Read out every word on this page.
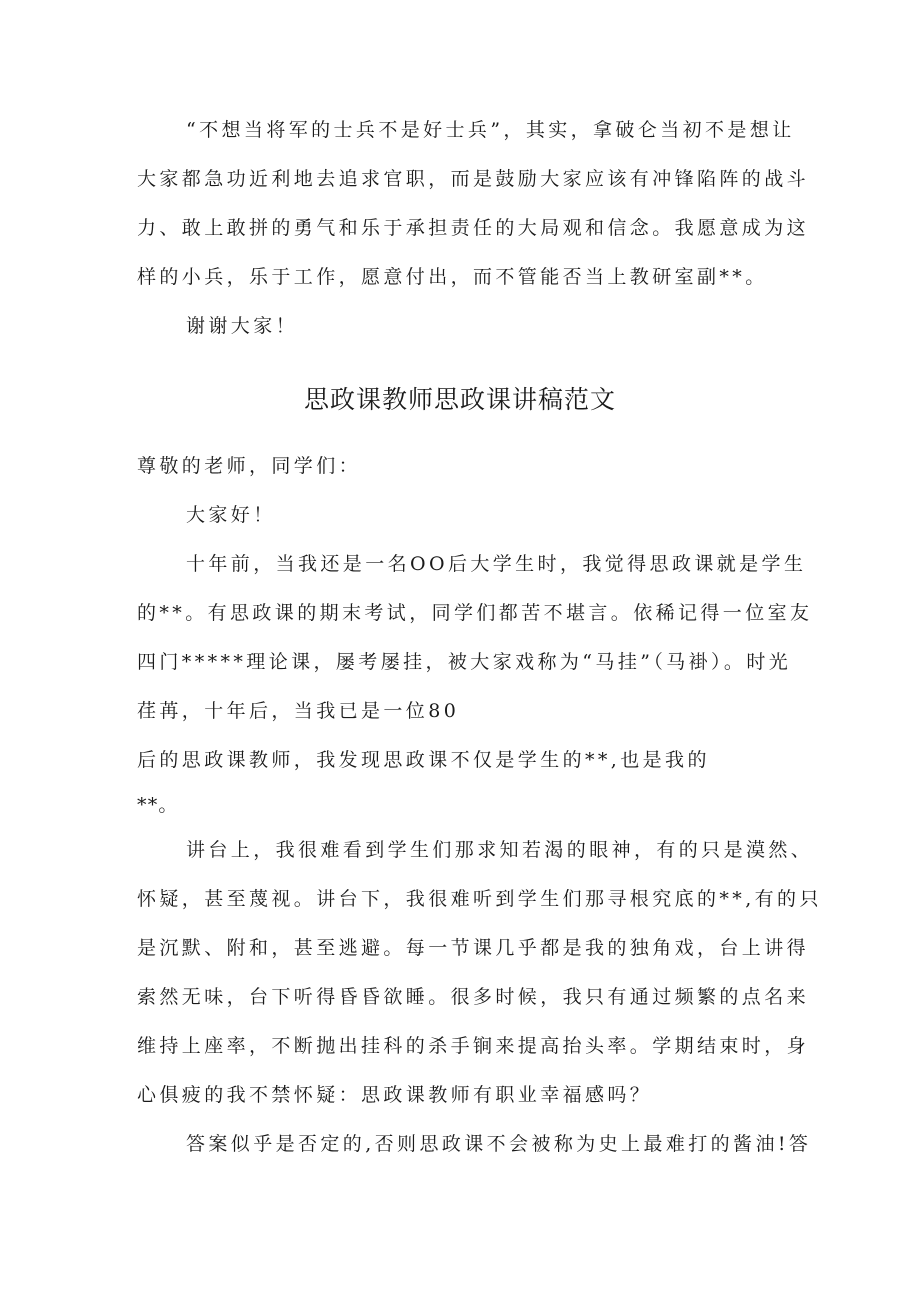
“不想当将军的士兵不是好士兵”，其实，拿破仑当初不是想让
大家都急功近利地去追求官职，而是鼓励大家应该有冲锋陷阵的战斗
力、敢上敢拼的勇气和乐于承担责任的大局观和信念。我愿意成为这
样的小兵，乐于工作，愿意付出，而不管能否当上教研室副**。
谢谢大家！
思政课教师思政课讲稿范文
尊敬的老师，同学们：
大家好！
十年前，当我还是一名OO后大学生时，我觉得思政课就是学生
的**。有思政课的期末考试，同学们都苦不堪言。依稀记得一位室友
四门*****理论课，屡考屡挂，被大家戏称为“马挂”（马褂）。时光
荏苒，十年后，当我已是一位80
后的思政课教师，我发现思政课不仅是学生的**,也是我的
**。
讲台上，我很难看到学生们那求知若渴的眼神，有的只是漠然、
怀疑，甚至蔑视。讲台下，我很难听到学生们那寻根究底的**,有的只
是沉默、附和，甚至逃避。每一节课几乎都是我的独角戏，台上讲得
索然无味，台下听得昏昏欲睡。很多时候，我只有通过频繁的点名来
维持上座率，不断抛出挂科的杀手锏来提高抬头率。学期结束时，身
心俱疲的我不禁怀疑：思政课教师有职业幸福感吗？
答案似乎是否定的,否则思政课不会被称为史上最难打的酱油!答
